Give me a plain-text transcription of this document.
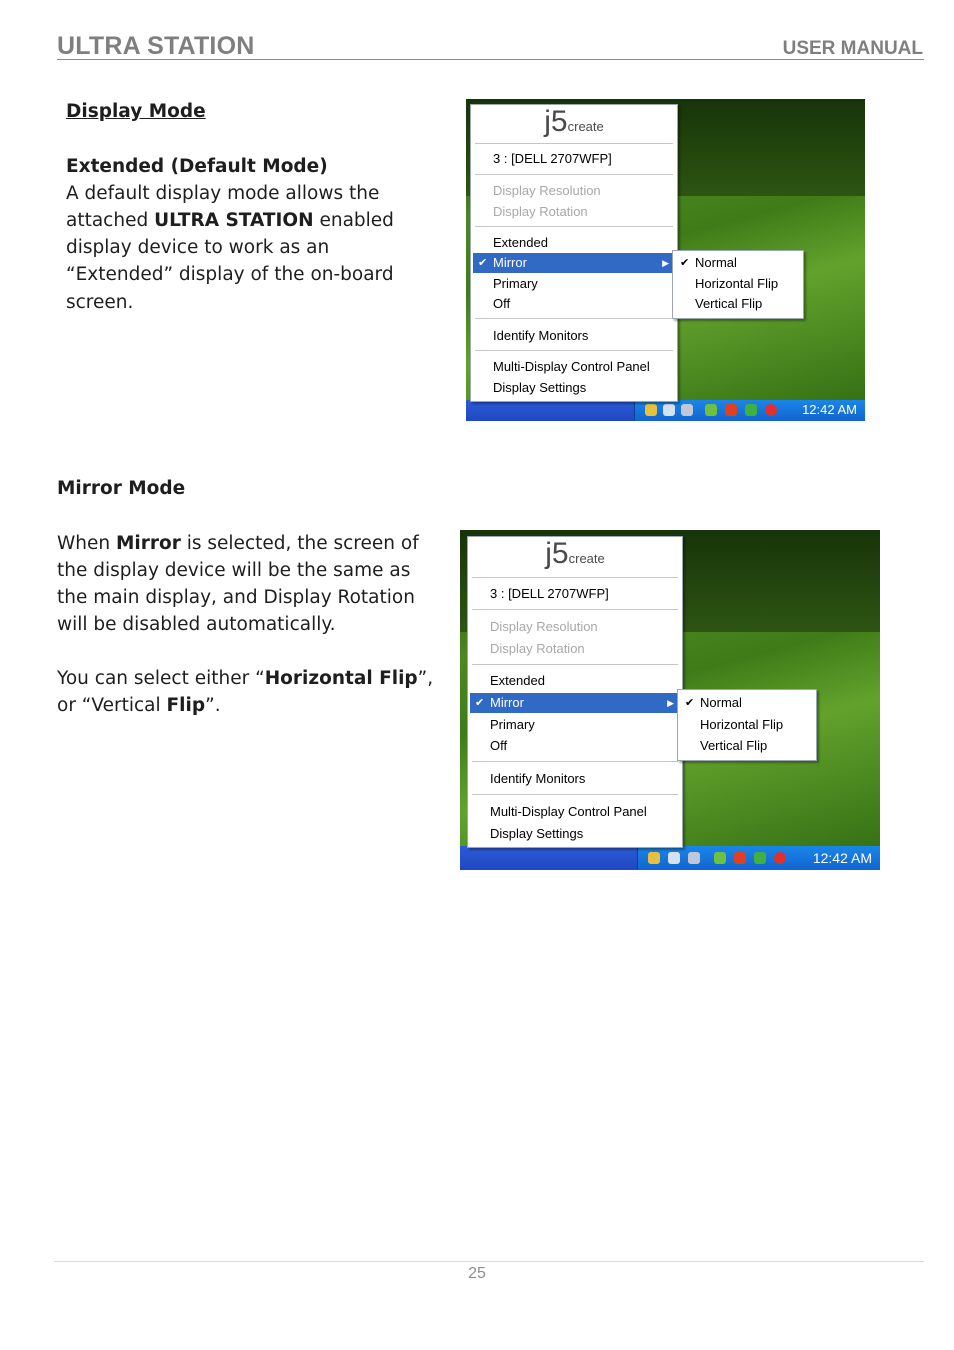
ULTRA STATION	USER MANUAL
Display Mode
Extended (Default Mode)
A default display mode allows the
attached ULTRA STATION enabled
display device to work as an
“Extended” display of the on-board
screen.
12:42 AM
j5create
3 : [DELL 2707WFP]
Display Resolution
Display Rotation
Extended
✔ Mirror	▶
Primary
Off
Identify Monitors
Multi-Display Control Panel
Display Settings
✔ Normal
Horizontal Flip
Vertical Flip
Mirror Mode
When Mirror is selected, the screen of
the display device will be the same as
the main display, and Display Rotation
will be disabled automatically.
You can select either “Horizontal Flip”,
or “Vertical Flip”.
12:42 AM
j5create
3 : [DELL 2707WFP]
Display Resolution
Display Rotation
Extended
✔ Mirror	▶
Primary
Off
Identify Monitors
Multi-Display Control Panel
Display Settings
✔ Normal
Horizontal Flip
Vertical Flip
25
